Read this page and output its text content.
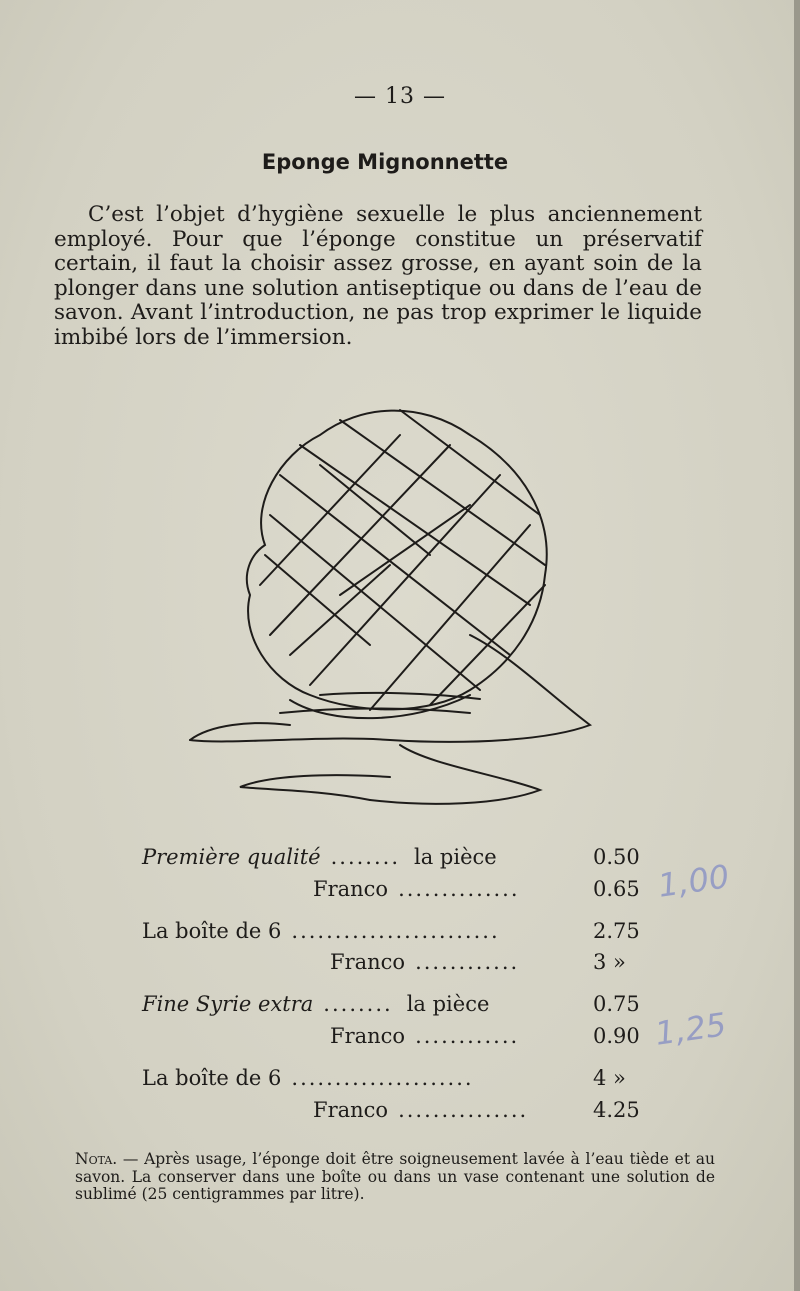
— 13 —
Eponge Mignonnette
C’est l’objet d’hygiène sexuelle le plus anciennement employé. Pour que l’éponge constitue un préservatif certain, il faut la choisir assez grosse, en ayant soin de la plonger dans une solution antiseptique ou dans de l’eau de savon. Avant l’introduction, ne pas trop exprimer le liquide imbibé lors de l’immersion.
Première qualité ........ la pièce	0.50
Franco ..............	0.65
La boîte de 6 ........................	2.75
Franco ............	3 »
Fine Syrie extra ........ la pièce	0.75
Franco ............	0.90
La boîte de 6 .....................	4 »
Franco ...............	4.25
1,00
1,25
Nota. — Après usage, l’éponge doit être soigneusement lavée à l’eau tiède et au savon. La conserver dans une boîte ou dans un vase contenant une solution de sublimé (25 centigrammes par litre).
